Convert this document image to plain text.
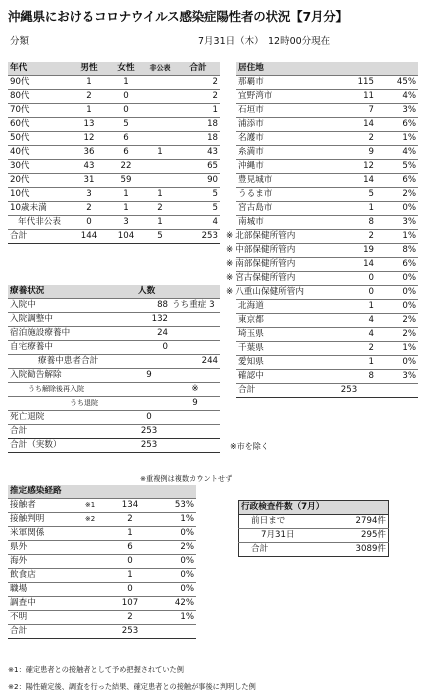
沖縄県におけるコロナウイルス感染症陽性者の状況【7月分】
分類	7月31日（木） 12時00分現在
年代	男性	女性	非公表	合計
90代	1	1		2
80代	2	0		2
70代	1	0		1
60代	13	5		18
50代	12	6		18
40代	36	6	1	43
30代	43	22		65
20代	31	59		90
10代	3	1	1	5
10歳未満	2	1	2	5
年代非公表	0	3	1	4
合計	144	104	5	253
療養状況		人数	
入院中		88	うち重症 3
入院調整中		132	
宿泊施設療養中		24	
自宅療養中		0	
	療養中患者合計		244
入院勧告解除		9	
うち解除後再入院			※
うち退院			9
死亡退院		0	
合計		253	
合計（実数）		253	
※重複例は複数カウントせず
居住地		
那覇市	115	45%
宜野湾市	11	4%
石垣市	7	3%
浦添市	14	6%
名護市	2	1%
糸満市	9	4%
沖縄市	12	5%
豊見城市	14	6%
うるま市	5	2%
宮古島市	1	0%
南城市	8	3%
※ 北部保健所管内	2	1%
※ 中部保健所管内	19	8%
※ 南部保健所管内	14	6%
※ 宮古保健所管内	0	0%
※ 八重山保健所管内	0	0%
北海道	1	0%
東京都	4	2%
埼玉県	4	2%
千葉県	2	1%
愛知県	1	0%
確認中	8	3%
合計	253	
※市を除く
推定感染経路			
接触者	※1	134	53%
接触判明	※2	2	1%
米軍関係		1	0%
県外		6	2%
海外		0	0%
飲食店		1	0%
職場		0	0%
調査中		107	42%
不明		2	1%
合計		253	
※1：確定患者との接触者として予め把握されていた例
※2：陽性確定後、調査を行った結果、確定患者との接触が事後に判明した例
行政検査件数（7月）	
前日まで	2794件
7月31日	295件
合計	3089件
